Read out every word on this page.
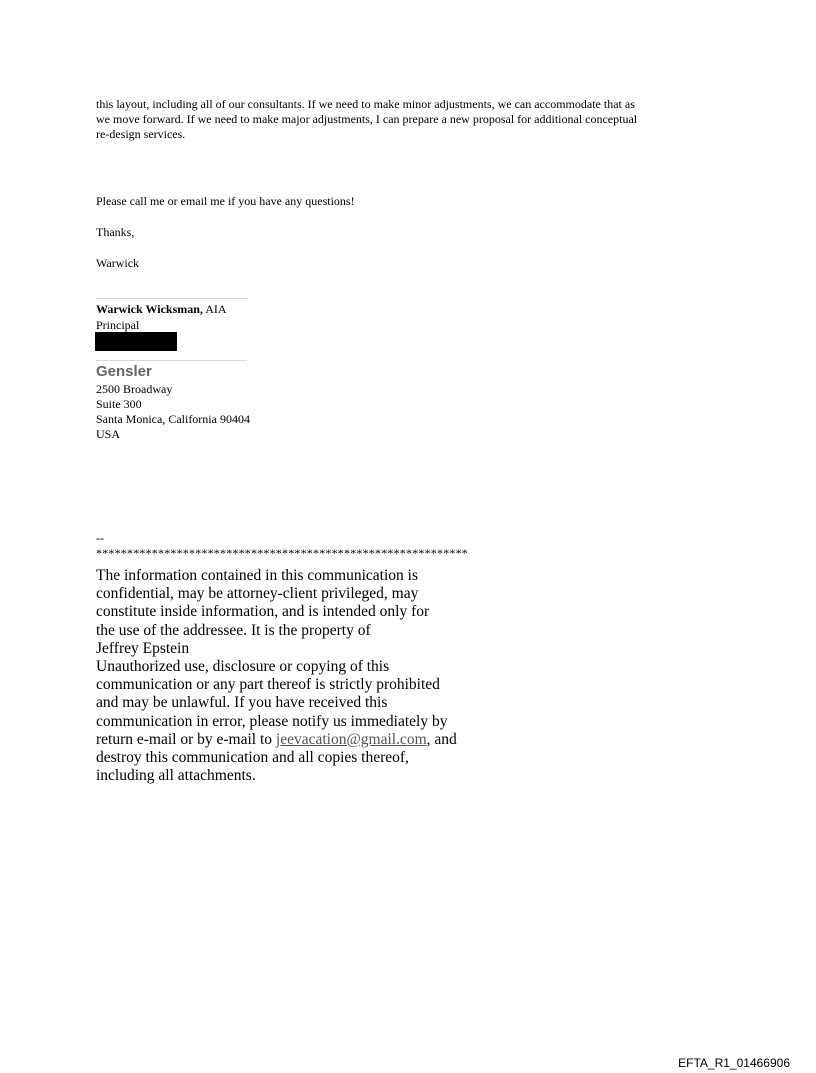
this layout, including all of our consultants. If we need to make minor adjustments, we can accommodate that as
we move forward. If we need to make major adjustments, I can prepare a new proposal for additional conceptual
re-design services.
Please call me or email me if you have any questions!
Thanks,
Warwick
Warwick Wicksman, AIA
Principal
Gensler
2500 Broadway
Suite 300
Santa Monica, California 90404
USA
--
************************************************************
The information contained in this communication is
confidential, may be attorney-client privileged, may
constitute inside information, and is intended only for
the use of the addressee. It is the property of
Jeffrey Epstein
Unauthorized use, disclosure or copying of this
communication or any part thereof is strictly prohibited
and may be unlawful. If you have received this
communication in error, please notify us immediately by
return e-mail or by e-mail to jeevacation@gmail.com, and
destroy this communication and all copies thereof,
including all attachments.
EFTA_R1_01466906
